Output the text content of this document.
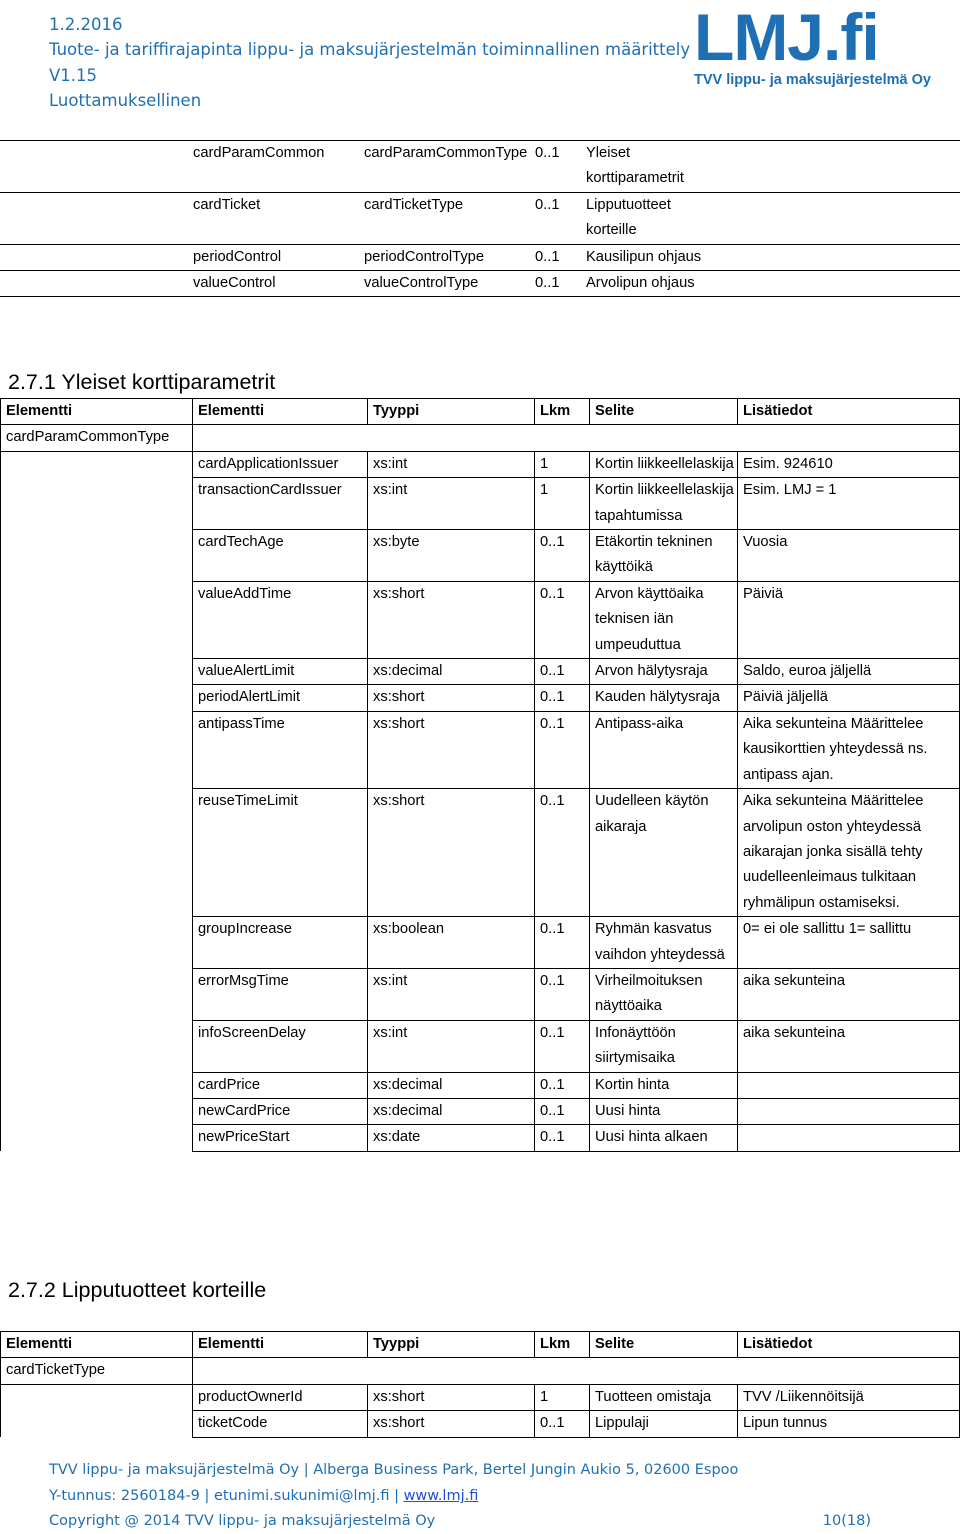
1.2.2016
Tuote- ja tariffirajapinta lippu- ja maksujärjestelmän toiminnallinen määrittely
V1.15
Luottamuksellinen
LMJ.fi
TVV lippu- ja maksujärjestelmä Oy
	cardParamCommon	cardParamCommonType	0..1	Yleiset korttiparametrit	
	cardTicket	cardTicketType	0..1	Lipputuotteet korteille	
	periodControl	periodControlType	0..1	Kausilipun ohjaus	
	valueControl	valueControlType	0..1	Arvolipun ohjaus	
2.7.1 Yleiset korttiparametrit
Elementti	Elementti	Tyyppi	Lkm	Selite	Lisätiedot
cardParamCommonType					
	cardApplicationIssuer	xs:int	1	Kortin liikkeellelaskija	Esim. 924610
	transactionCardIssuer	xs:int	1	Kortin liikkeellelaskija tapahtumissa	Esim. LMJ = 1
	cardTechAge	xs:byte	0..1	Etäkortin tekninen käyttöikä	Vuosia
	valueAddTime	xs:short	0..1	Arvon käyttöaika teknisen iän umpeuduttua	Päiviä
	valueAlertLimit	xs:decimal	0..1	Arvon hälytysraja	Saldo, euroa jäljellä
	periodAlertLimit	xs:short	0..1	Kauden hälytysraja	Päiviä jäljellä
	antipassTime	xs:short	0..1	Antipass-aika	Aika sekunteina Määrittelee kausikorttien yhteydessä ns. antipass ajan.
	reuseTimeLimit	xs:short	0..1	Uudelleen käytön aikaraja	Aika sekunteina Määrittelee arvolipun oston yhteydessä aikarajan jonka sisällä tehty uudelleenleimaus tulkitaan ryhmälipun ostamiseksi.
	groupIncrease	xs:boolean	0..1	Ryhmän kasvatus vaihdon yhteydessä	0= ei ole sallittu 1= sallittu
	errorMsgTime	xs:int	0..1	Virheilmoituksen näyttöaika	aika sekunteina
	infoScreenDelay	xs:int	0..1	Infonäyttöön siirtymisaika	aika sekunteina
	cardPrice	xs:decimal	0..1	Kortin hinta	
	newCardPrice	xs:decimal	0..1	Uusi hinta	
	newPriceStart	xs:date	0..1	Uusi hinta alkaen	
2.7.2 Lipputuotteet korteille
Elementti	Elementti	Tyyppi	Lkm	Selite	Lisätiedot
cardTicketType					
	productOwnerId	xs:short	1	Tuotteen omistaja	TVV /Liikennöitsijä
	ticketCode	xs:short	0..1	Lippulaji	Lipun tunnus
TVV lippu- ja maksujärjestelmä Oy | Alberga Business Park, Bertel Jungin Aukio 5, 02600 Espoo
Y-tunnus: 2560184-9 | etunimi.sukunimi@lmj.fi | www.lmj.fi
Copyright @ 2014 TVV lippu- ja maksujärjestelmä Oy	10(18)
